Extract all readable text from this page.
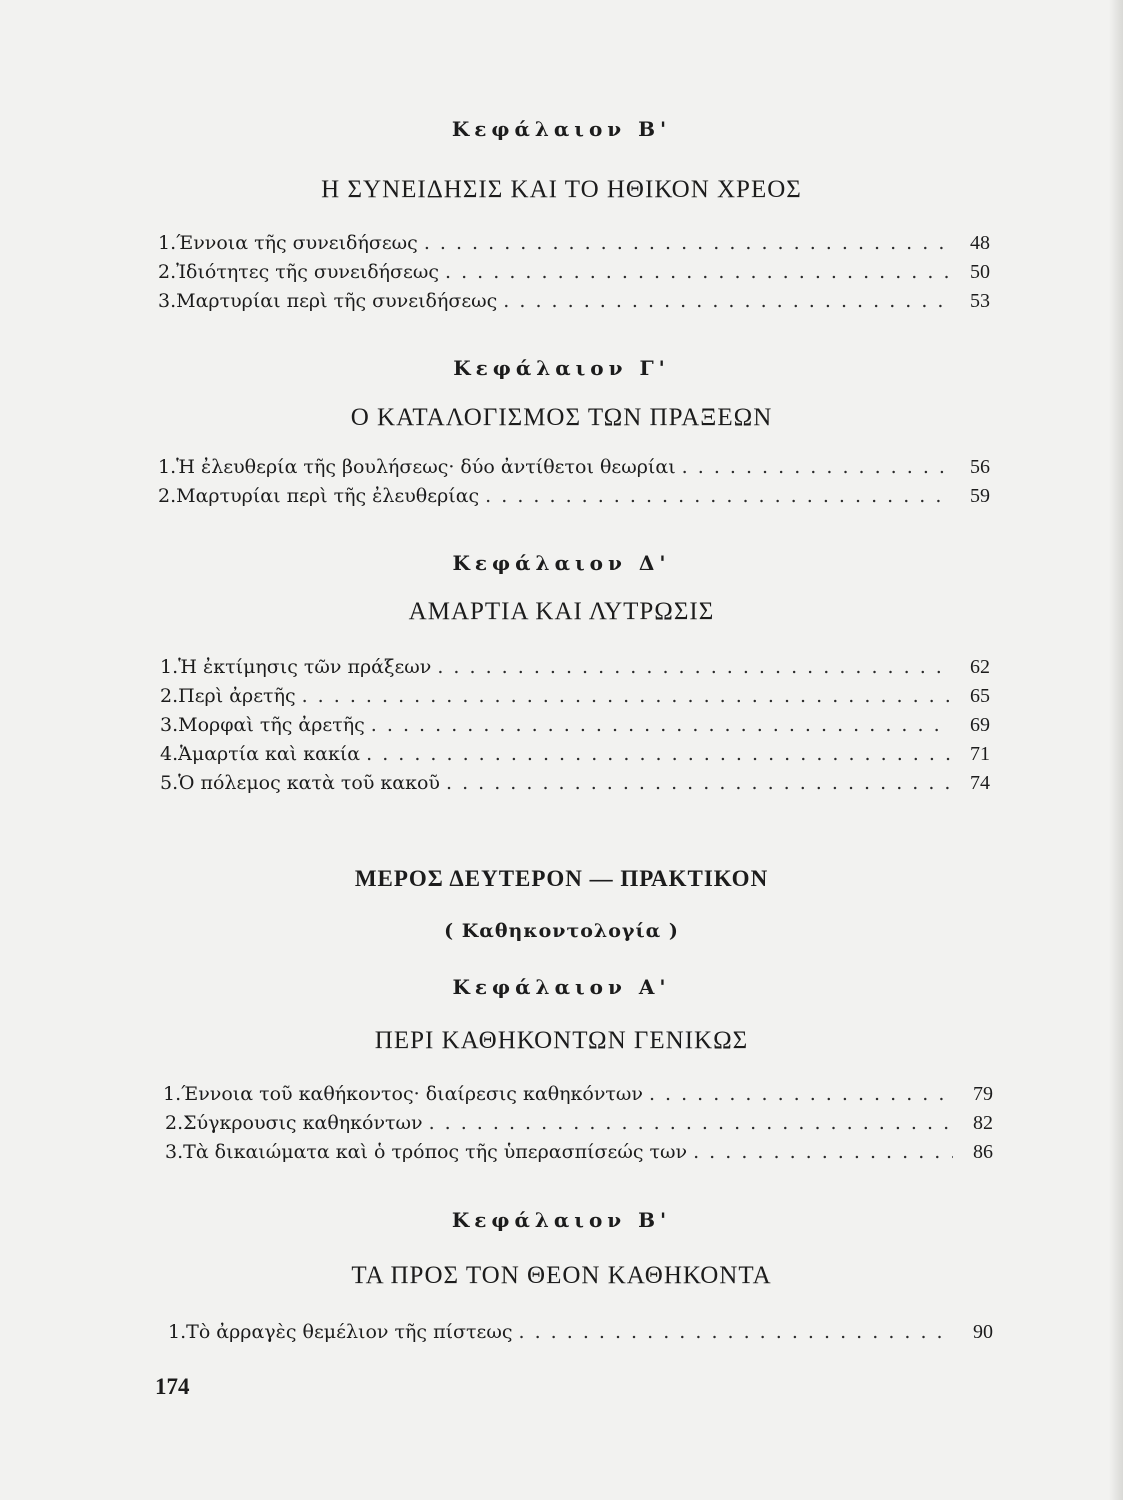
Κεφάλαιον Β'
Η ΣΥΝΕΙΔΗΣΙΣ ΚΑΙ ΤΟ ΗΘΙΚΟΝ ΧΡΕΟΣ
1. Έννοια τῆς συνειδήσεως . . .	48
2. Ἰδιότητες τῆς συνειδήσεως . . .	50
3. Μαρτυρίαι περὶ τῆς συνειδήσεως . . .	53
Κεφάλαιον Γ'
Ο ΚΑΤΑΛΟΓΙΣΜΟΣ ΤΩΝ ΠΡΑΞΕΩΝ
1. Ἡ ἐλευθερία τῆς βουλήσεως· δύο ἀντίθετοι θεωρίαι . . .	56
2. Μαρτυρίαι περὶ τῆς ἐλευθερίας . . .	59
Κεφάλαιον Δ'
ΑΜΑΡΤΙΑ ΚΑΙ ΛΥΤΡΩΣΙΣ
1. Ἡ ἐκτίμησις τῶν πράξεων . . .	62
2. Περὶ ἀρετῆς . . .	65
3. Μορφαὶ τῆς ἀρετῆς . . .	69
4. Ἁμαρτία καὶ κακία . . .	71
5. Ὁ πόλεμος κατὰ τοῦ κακοῦ . . .	74
ΜΕΡΟΣ ΔΕΥΤΕΡΟΝ — ΠΡΑΚΤΙΚΟΝ
( Καθηκοντολογία )
Κεφάλαιον Α'
ΠΕΡΙ ΚΑΘΗΚΟΝΤΩΝ ΓΕΝΙΚΩΣ
1. Έννοια τοῦ καθήκοντος· διαίρεσις καθηκόντων . . .	79
2. Σύγκρουσις καθηκόντων . . .	82
3. Τὰ δικαιώματα καὶ ὁ τρόπος τῆς ὑπερασπίσεώς των . . .	86
Κεφάλαιον Β'
ΤΑ ΠΡΟΣ ΤΟΝ ΘΕΟΝ ΚΑΘΗΚΟΝΤΑ
1. Τὸ ἀρραγὲς θεμέλιον τῆς πίστεως . . .	90
174
